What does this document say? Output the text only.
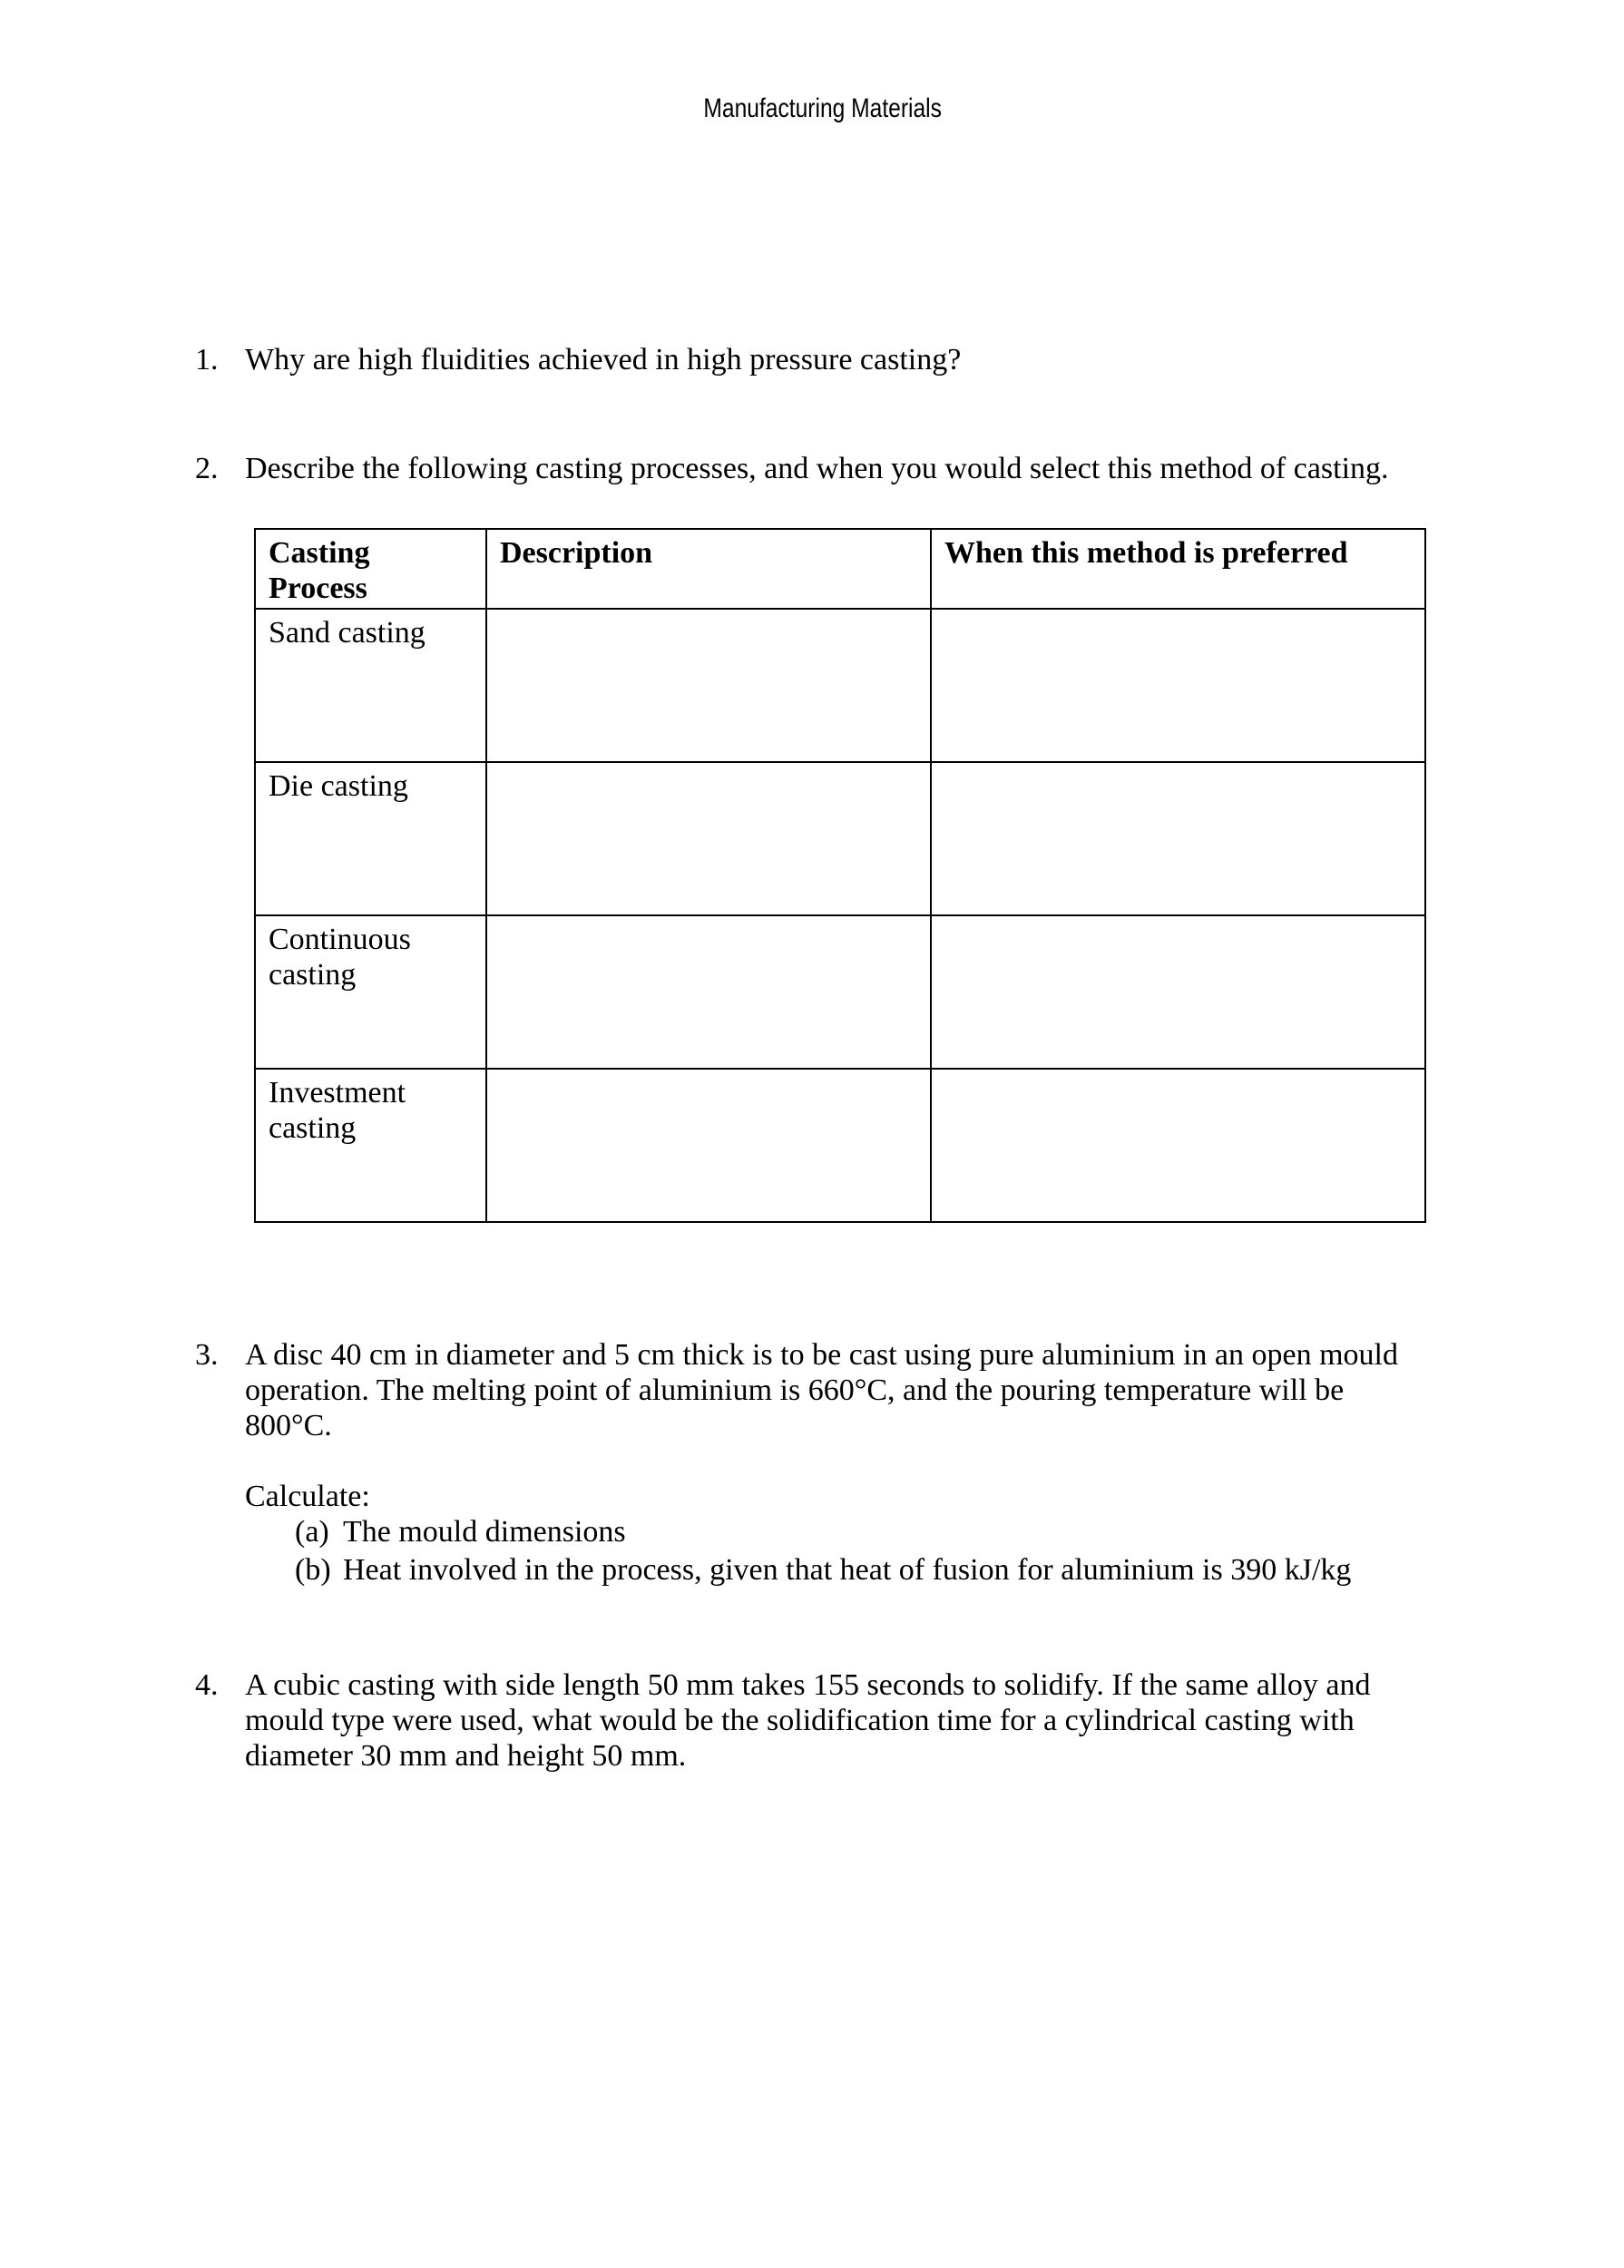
Manufacturing Materials
1. Why are high fluidities achieved in high pressure casting?

2. Describe the following casting processes, and when you would select this method of casting.

Casting Process	Description	When this method is preferred
Sand casting		
Die casting		
Continuous casting		
Investment casting		
3. A disc 40 cm in diameter and 5 cm thick is to be cast using pure aluminium in an open mould operation. The melting point of aluminium is 660°C, and the pouring temperature will be 800°C.

Calculate:

(a) The mould dimensions
(b) Heat involved in the process, given that heat of fusion for aluminium is 390 kJ/kg
4. A cubic casting with side length 50 mm takes 155 seconds to solidify. If the same alloy and mould type were used, what would be the solidification time for a cylindrical casting with diameter 30 mm and height 50 mm.
